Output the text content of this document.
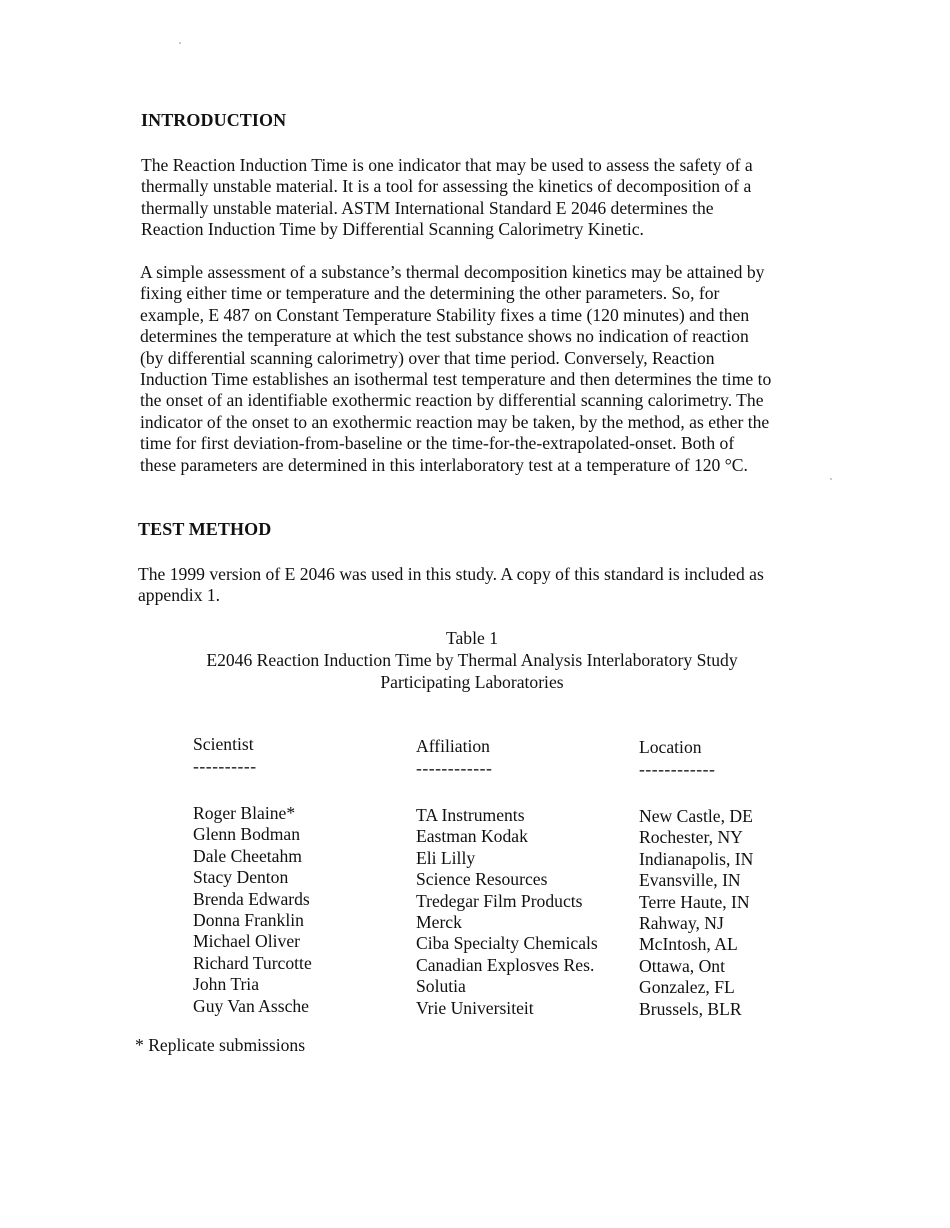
INTRODUCTION

The Reaction Induction Time is one indicator that may be used to assess the safety of a

thermally unstable material. It is a tool for assessing the kinetics of decomposition of a

thermally unstable material. ASTM International Standard E 2046 determines the

Reaction Induction Time by Differential Scanning Calorimetry Kinetic.

A simple assessment of a substance’s thermal decomposition kinetics may be attained by

fixing either time or temperature and the determining the other parameters. So, for

example, E 487 on Constant Temperature Stability fixes a time (120 minutes) and then

determines the temperature at which the test substance shows no indication of reaction

(by differential scanning calorimetry) over that time period. Conversely, Reaction

Induction Time establishes an isothermal test temperature and then determines the time to

the onset of an identifiable exothermic reaction by differential scanning calorimetry. The

indicator of the onset to an exothermic reaction may be taken, by the method, as ether the

time for first deviation-from-baseline or the time-for-the-extrapolated-onset. Both of

these parameters are determined in this interlaboratory test at a temperature of 120 °C.

TEST METHOD

The 1999 version of E 2046 was used in this study. A copy of this standard is included as

appendix 1.

Table 1
E2046 Reaction Induction Time by Thermal Analysis Interlaboratory Study
Participating Laboratories
Scientist
----------
Roger Blaine*
Glenn Bodman
Dale Cheetahm
Stacy Denton
Brenda Edwards
Donna Franklin
Michael Oliver
Richard Turcotte
John Tria
Guy Van Assche
Affiliation
------------
TA Instruments
Eastman Kodak
Eli Lilly
Science Resources
Tredegar Film Products
Merck
Ciba Specialty Chemicals
Canadian Explosves Res.
Solutia
Vrie Universiteit
Location
------------
New Castle, DE
Rochester, NY
Indianapolis, IN
Evansville, IN
Terre Haute, IN
Rahway, NJ
McIntosh, AL
Ottawa, Ont
Gonzalez, FL
Brussels, BLR
* Replicate submissions
